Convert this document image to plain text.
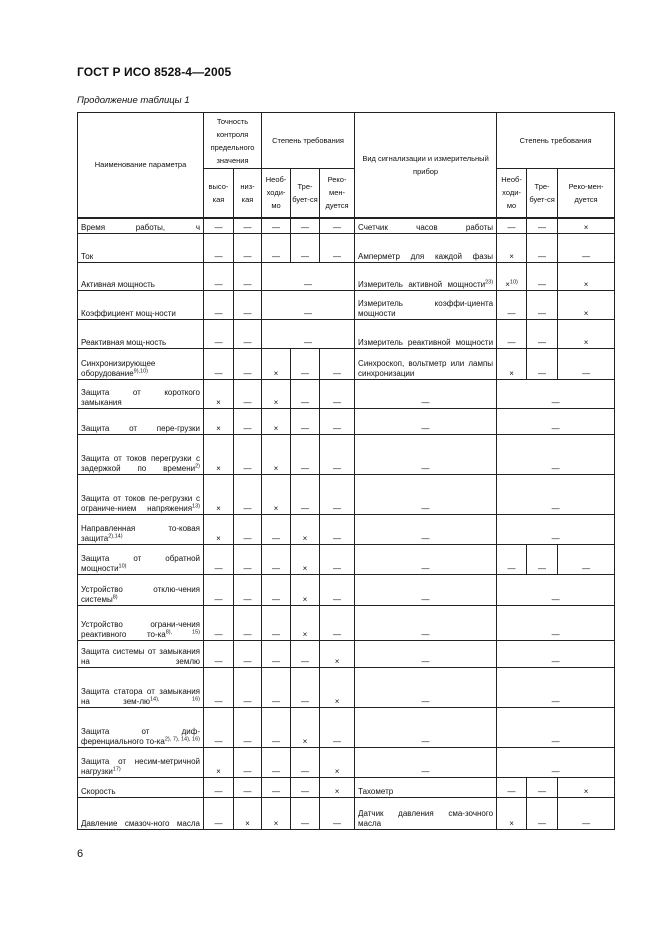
ГОСТ Р ИСО 8528-4—2005
Продолжение таблицы 1
Наименование параметра	Точность контроля предельного значения		Степень требования			Вид сигнализации и измерительный прибор	Степень требования		
	высо-кая	низ-кая	Необ-ходи-мо	Тре-бует-ся	Реко-мен-дуется		Необ-ходи-мо	Тре-бует-ся	Реко-мен-дуется

Время работы, ч	—	—	—	—	—	Счетчик часов работы	—	—	×

Ток	—	—	—	—	—	Амперметр для каждой фазы	×	—	—

Активная мощность	—	—	—			Измеритель активной мощности$^{23)}$	×$^{10)}$	—	×

Коэффициент мощ-ности	—	—	—			Измеритель коэффи-циента мощности	—	—	×

Реактивная мощ-ность	—	—	—			Измеритель реактивной мощности	—	—	×
Синхронизирующее оборудование$^{9),10)}$	—	—	×	—	—	Синхроскоп, вольтметр или лампы синхронизации	×	—	—

Защита от короткого замыкания	×	—	×	—	—	—	—		

Защита от пере-грузки	×	—	×	—	—	—	—		
Защита от токов перегрузки с задержкой по времени$^{2)}$	×	—	×	—	—	—	—		
Защита от токов пе-регрузки с ограниче-нием напряжения$^{13)}$	×	—	×	—	—	—	—		
Направленная то-ковая защита$^{2),14)}$	×	—	—	×	—	—	—		
Защита от обратной мощности$^{10)}$	—	—	—	×	—	—	—	—	—
Устройство отклю-чения системы$^{8)}$	—	—	—	×	—	—	—		
Устройство ограни-чения реактивного $то-ка^{8), 15)}$	—	—	—	×	—	—	—		

Защита системы от замыкания на землю	—	—	—	—	×	—	—		
Защита статора от замыкания на зем-$лю^{14), 16)}$	—	—	—	—	×	—	—		
Защита от диф-ференциального $то-ка^{2), 7), 14), 16)}$	—	—	—	×	—	—	—		
Защита от несим-метричной нагрузки$^{17)}$	×	—	—	—	×	—	—		

Скорость	—	—	—	—	×	Тахометр	—	—	×

Давление смазоч-ного масла	—	×	×	—	—	Датчик давления сма-зочного масла	×	—	—
6
